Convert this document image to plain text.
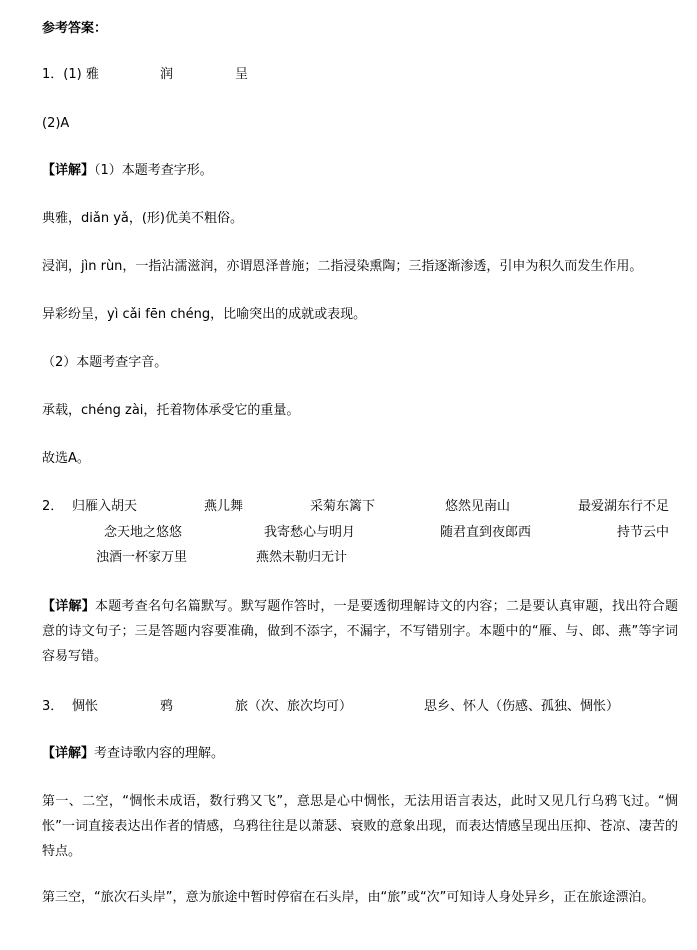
参考答案：
1．(1) 雅	润	呈
(2)A
【详解】（1）本题考查字形。
典雅，diǎn yǎ，(形)优美不粗俗。
浸润，jìn rùn，一指沾濡滋润，亦谓恩泽普施；二指浸染熏陶；三指逐渐渗透，引申为积久而发生作用。
异彩纷呈，yì cǎi fēn chéng，比喻突出的成就或表现。
（2）本题考查字音。
承载，chéng zài，托着物体承受它的重量。
故选A。
2． 归雁入胡天	燕儿舞	采菊东篱下	悠然见南山	最爱湖东行不足
念天地之悠悠	我寄愁心与明月	随君直到夜郎西	持节云中
浊酒一杯家万里	燕然未勒归无计
【详解】本题考查名句名篇默写。默写题作答时，一是要透彻理解诗文的内容；二是要认真审题，找出符合题意的诗文句子；三是答题内容要准确，做到不添字，不漏字，不写错别字。本题中的“雁、与、郎、燕”等字词容易写错。
3． 惆怅	鸦	旅（次、旅次均可）	思乡、怀人（伤感、孤独、惆怅）
【详解】考查诗歌内容的理解。
第一、二空，“惆怅未成语，数行鸦又飞”，意思是心中惆怅，无法用语言表达，此时又见几行乌鸦飞过。“惆怅”一词直接表达出作者的情感，乌鸦往往是以萧瑟、衰败的意象出现，而表达情感呈现出压抑、苍凉、凄苦的特点。
第三空，“旅次石头岸”，意为旅途中暂时停宿在石头岸，由“旅”或“次”可知诗人身处异乡，正在旅途漂泊。
